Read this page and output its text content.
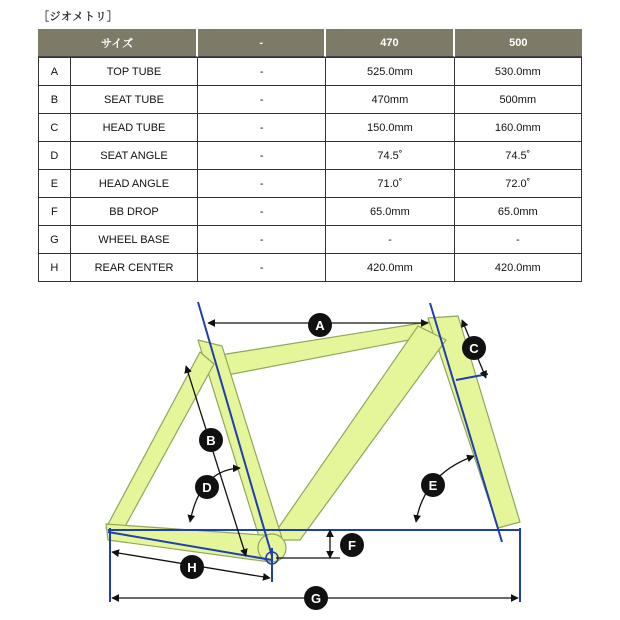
［ジオメトリ］
サイズ		-	470	500
A	TOP TUBE	-	525.0mm	530.0mm
B	SEAT TUBE	-	470mm	500mm
C	HEAD TUBE	-	150.0mm	160.0mm
D	SEAT ANGLE	-	74.5˚	74.5˚
E	HEAD ANGLE	-	71.0˚	72.0˚
F	BB DROP	-	65.0mm	65.0mm
G	WHEEL BASE	-	-	-
H	REAR CENTER	-	420.0mm	420.0mm
A
B
C
D	E
F
H
G
